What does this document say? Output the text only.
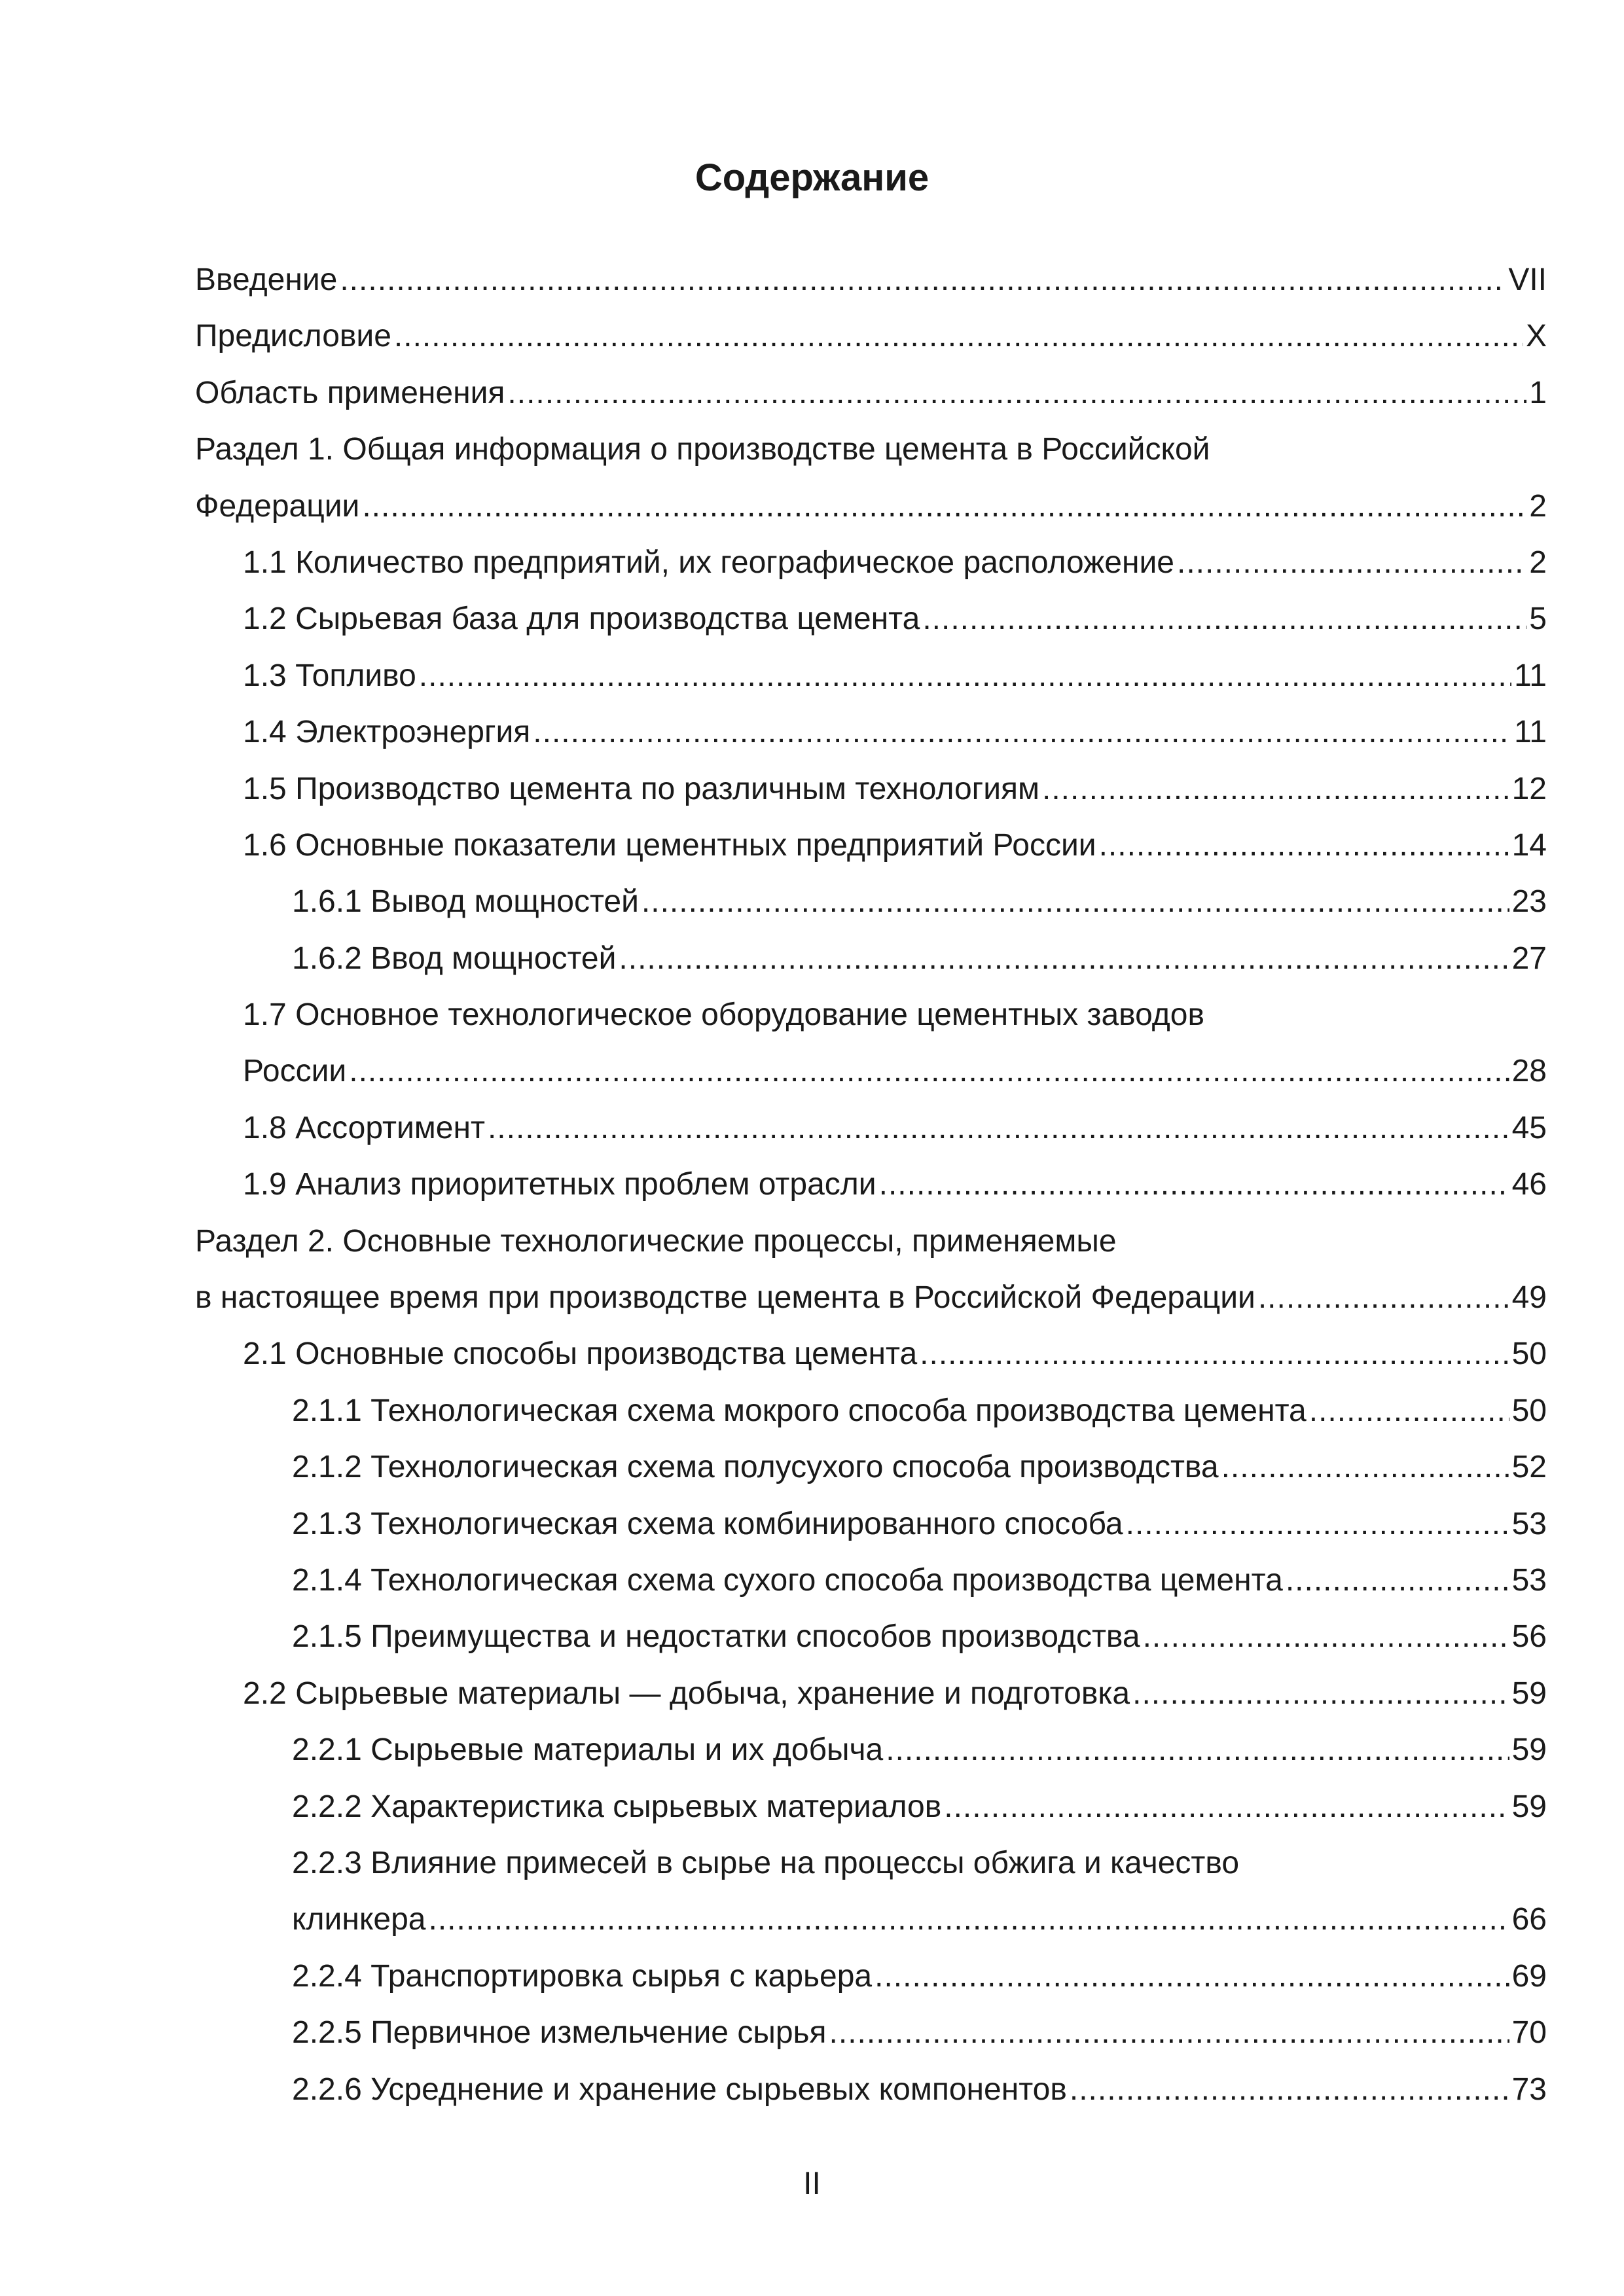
Содержание
Введение .....	VII
Предисловие .....	X
Область применения .....	1
Раздел 1. Общая информация о производстве цемента в Российской
Федерации .....	2
1.1 Количество предприятий, их географическое расположение .....	2
1.2 Сырьевая база для производства цемента .....	5
1.3 Топливо .....	11
1.4 Электроэнергия .....	11
1.5 Производство цемента по различным технологиям .....	12
1.6 Основные показатели цементных предприятий России .....	14
1.6.1 Вывод мощностей .....	23
1.6.2 Ввод мощностей .....	27
1.7 Основное технологическое оборудование цементных заводов
России .....	28
1.8 Ассортимент .....	45
1.9 Анализ приоритетных проблем отрасли .....	46
Раздел 2. Основные технологические процессы, применяемые
в настоящее время при производстве цемента в Российской Федерации .....	49
2.1 Основные способы производства цемента .....	50
2.1.1 Технологическая схема мокрого способа производства цемента .....	50
2.1.2 Технологическая схема полусухого способа производства .....	52
2.1.3 Технологическая схема комбинированного способа .....	53
2.1.4 Технологическая схема сухого способа производства цемента .....	53
2.1.5 Преимущества и недостатки способов производства .....	56
2.2 Сырьевые материалы — добыча, хранение и подготовка .....	59
2.2.1 Сырьевые материалы и их добыча .....	59
2.2.2 Характеристика сырьевых материалов .....	59
2.2.3 Влияние примесей в сырье на процессы обжига и качество
клинкера .....	66
2.2.4 Транспортировка сырья с карьера .....	69
2.2.5 Первичное измельчение сырья .....	70
2.2.6 Усреднение и хранение сырьевых компонентов .....	73
II
